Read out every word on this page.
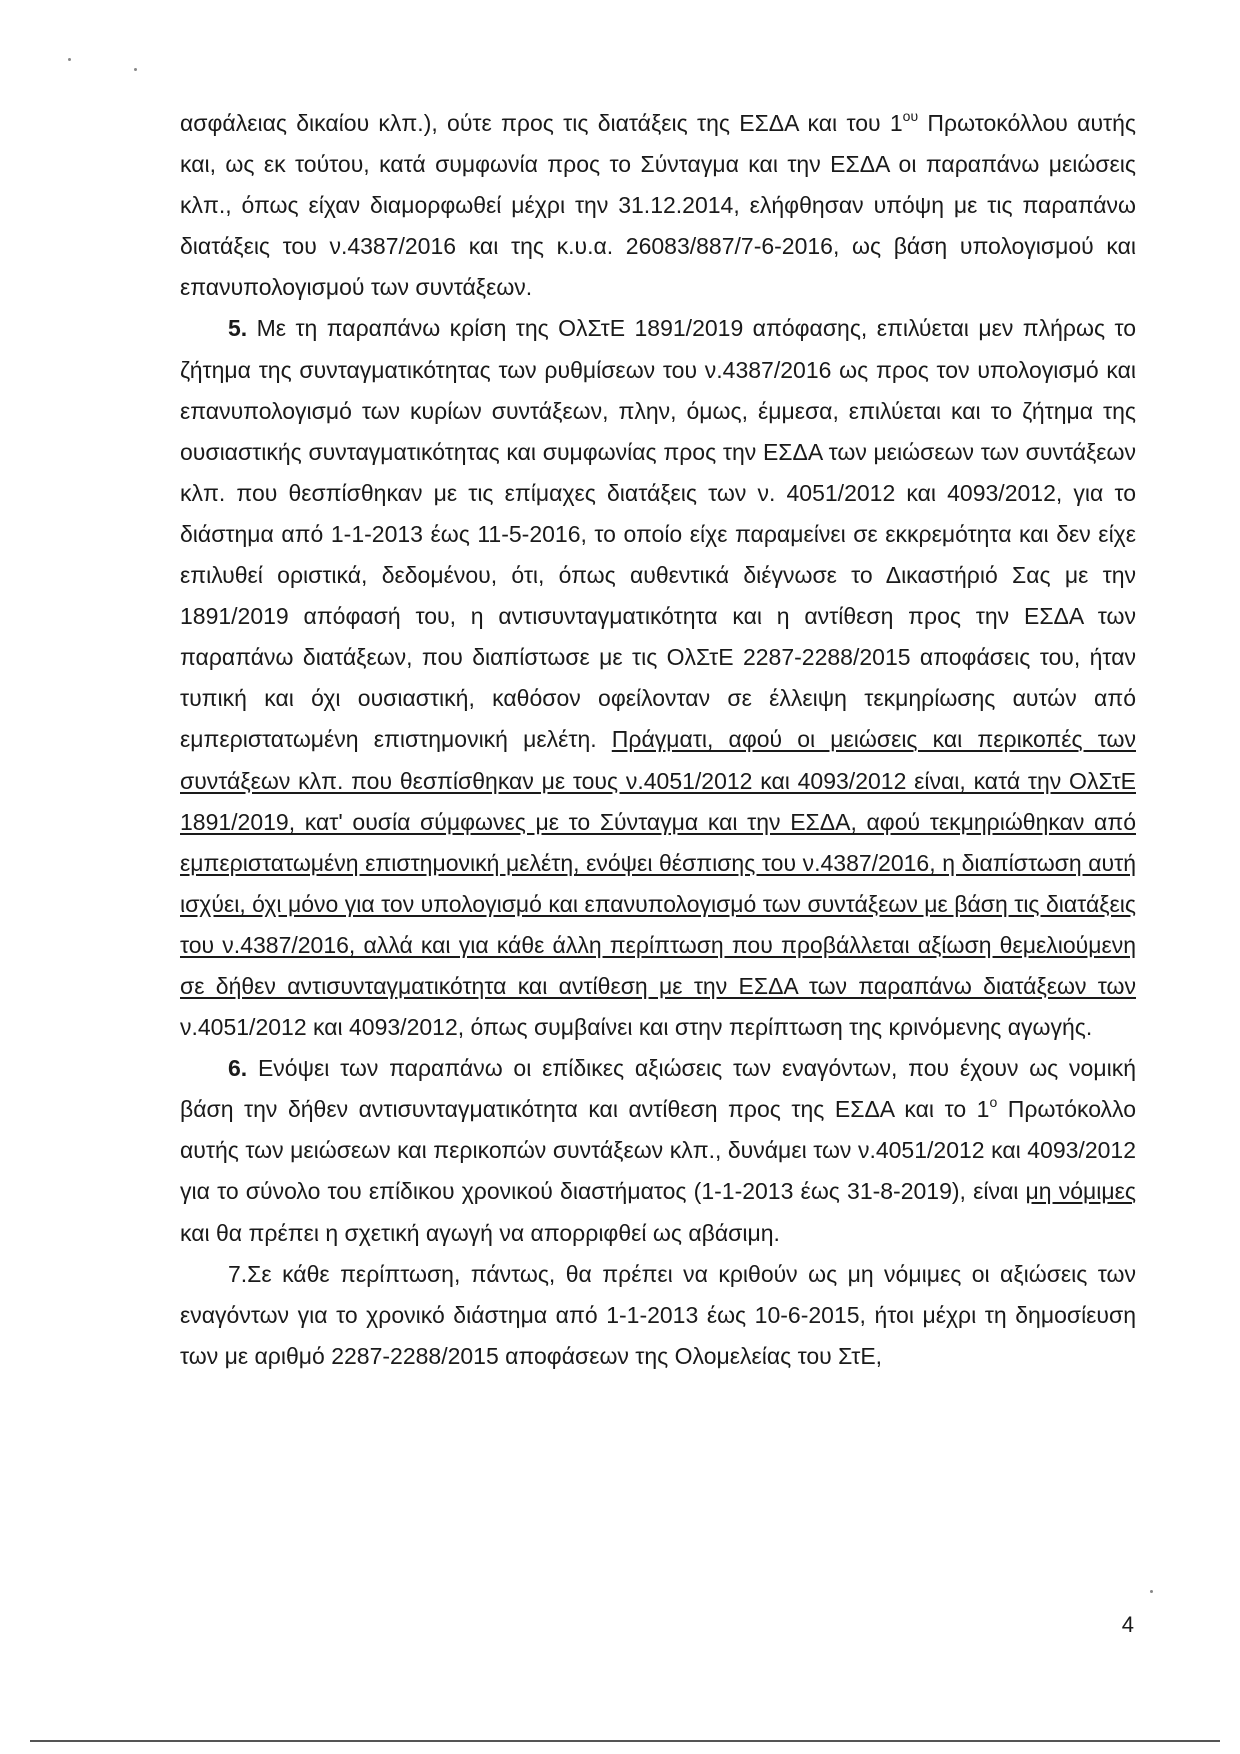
ασφάλειας δικαίου κλπ.), ούτε προς τις διατάξεις της ΕΣΔΑ και του $1^{o\upsilon}$ Πρωτοκόλλου αυτής και, ως εκ τούτου, κατά συμφωνία προς το Σύνταγμα και την ΕΣΔΑ οι παραπάνω μειώσεις κλπ., όπως είχαν διαμορφωθεί μέχρι την 31.12.2014, ελήφθησαν υπόψη με τις παραπάνω διατάξεις του ν.4387/2016 και της κ.υ.α. 26083/887/7-6-2016, ως βάση υπολογισμού και επανυπολογισμού των συντάξεων.

5. Με τη παραπάνω κρίση της ΟλΣτΕ 1891/2019 απόφασης, επιλύεται μεν πλήρως το ζήτημα της συνταγματικότητας των ρυθμίσεων του ν.4387/2016 ως προς τον υπολογισμό και επανυπολογισμό των κυρίων συντάξεων, πλην, όμως, έμμεσα, επιλύεται και το ζήτημα της ουσιαστικής συνταγματικότητας και συμφωνίας προς την ΕΣΔΑ των μειώσεων των συντάξεων κλπ. που θεσπίσθηκαν με τις επίμαχες διατάξεις των ν. 4051/2012 και 4093/2012, για το διάστημα από 1-1-2013 έως 11-5-2016, το οποίο είχε παραμείνει σε εκκρεμότητα και δεν είχε επιλυθεί οριστικά, δεδομένου, ότι, όπως αυθεντικά διέγνωσε το Δικαστήριό Σας με την 1891/2019 απόφασή του, η αντισυνταγματικότητα και η αντίθεση προς την ΕΣΔΑ των παραπάνω διατάξεων, που διαπίστωσε με τις ΟλΣτΕ 2287-2288/2015 αποφάσεις του, ήταν τυπική και όχι ουσιαστική, καθόσον οφείλονταν σε έλλειψη τεκμηρίωσης αυτών από εμπεριστατωμένη επιστημονική μελέτη. Πράγματι, αφού οι μειώσεις και περικοπές των συντάξεων κλπ. που θεσπίσθηκαν με τους ν.4051/2012 και 4093/2012 είναι, κατά την ΟλΣτΕ 1891/2019, κατ' ουσία σύμφωνες με το Σύνταγμα και την ΕΣΔΑ, αφού τεκμηριώθηκαν από εμπεριστατωμένη επιστημονική μελέτη, ενόψει θέσπισης του ν.4387/2016, η διαπίστωση αυτή ισχύει, όχι μόνο για τον υπολογισμό και επανυπολογισμό των συντάξεων με βάση τις διατάξεις του ν.4387/2016, αλλά και για κάθε άλλη περίπτωση που προβάλλεται αξίωση θεμελιούμενη σε δήθεν αντισυνταγματικότητα και αντίθεση με την ΕΣΔΑ των παραπάνω διατάξεων των ν.4051/2012 και 4093/2012, όπως συμβαίνει και στην περίπτωση της κρινόμενης αγωγής.

6. Ενόψει των παραπάνω οι επίδικες αξιώσεις των εναγόντων, που έχουν ως νομική βάση την δήθεν αντισυνταγματικότητα και αντίθεση προς της ΕΣΔΑ και το $1^o$ Πρωτόκολλο αυτής των μειώσεων και περικοπών συντάξεων κλπ., δυνάμει των ν.4051/2012 και 4093/2012 για το σύνολο του επίδικου χρονικού διαστήματος (1-1-2013 έως 31-8-2019), είναι μη νόμιμες και θα πρέπει η σχετική αγωγή να απορριφθεί ως αβάσιμη.

7.Σε κάθε περίπτωση, πάντως, θα πρέπει να κριθούν ως μη νόμιμες οι αξιώσεις των εναγόντων για το χρονικό διάστημα από 1-1-2013 έως 10-6-2015, ήτοι μέχρι τη δημοσίευση των με αριθμό 2287-2288/2015 αποφάσεων της Ολομελείας του ΣτΕ,

4
